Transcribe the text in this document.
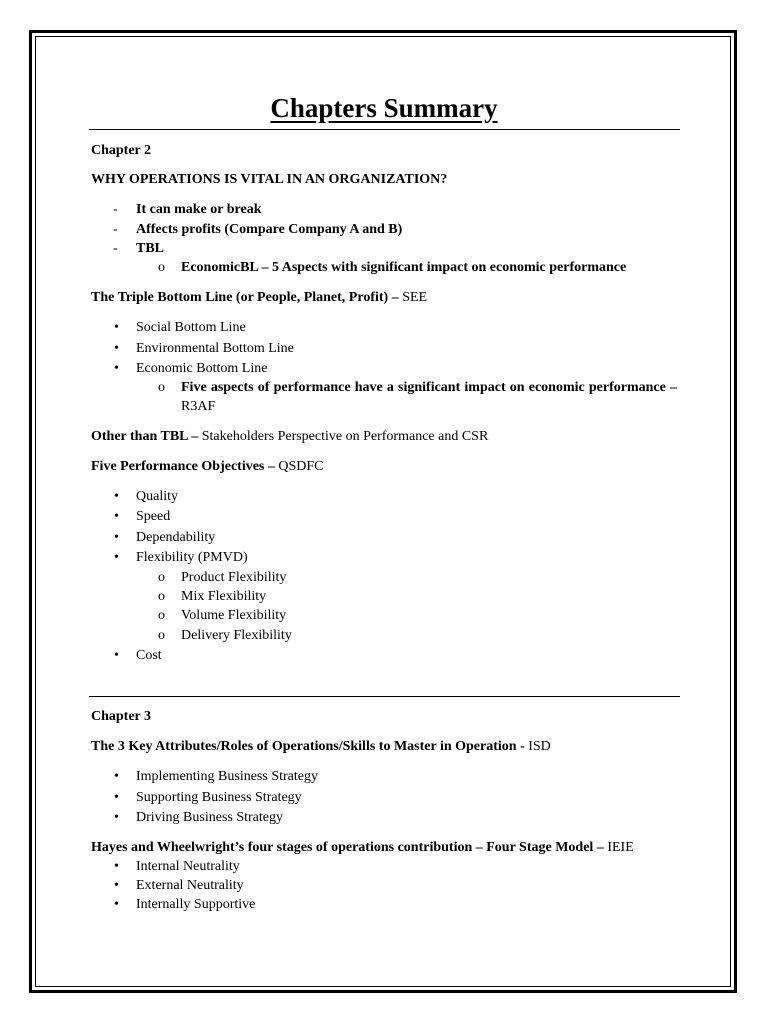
Chapters Summary
Chapter 2
WHY OPERATIONS IS VITAL IN AN ORGANIZATION?
- It can make or break
- Affects profits (Compare Company A and B)
- TBL
o EconomicBL – 5 Aspects with significant impact on economic performance
The Triple Bottom Line (or People, Planet, Profit) – SEE
• Social Bottom Line
• Environmental Bottom Line
• Economic Bottom Line
o Five aspects of performance have a significant impact on economic performance – R3AF
Other than TBL – Stakeholders Perspective on Performance and CSR
Five Performance Objectives – QSDFC
• Quality
• Speed
• Dependability
• Flexibility (PMVD)
o Product Flexibility
o Mix Flexibility
o Volume Flexibility
o Delivery Flexibility
• Cost
Chapter 3
The 3 Key Attributes/Roles of Operations/Skills to Master in Operation - ISD
• Implementing Business Strategy
• Supporting Business Strategy
• Driving Business Strategy
Hayes and Wheelwright’s four stages of operations contribution – Four Stage Model – IEIE
• Internal Neutrality
• External Neutrality
• Internally Supportive
